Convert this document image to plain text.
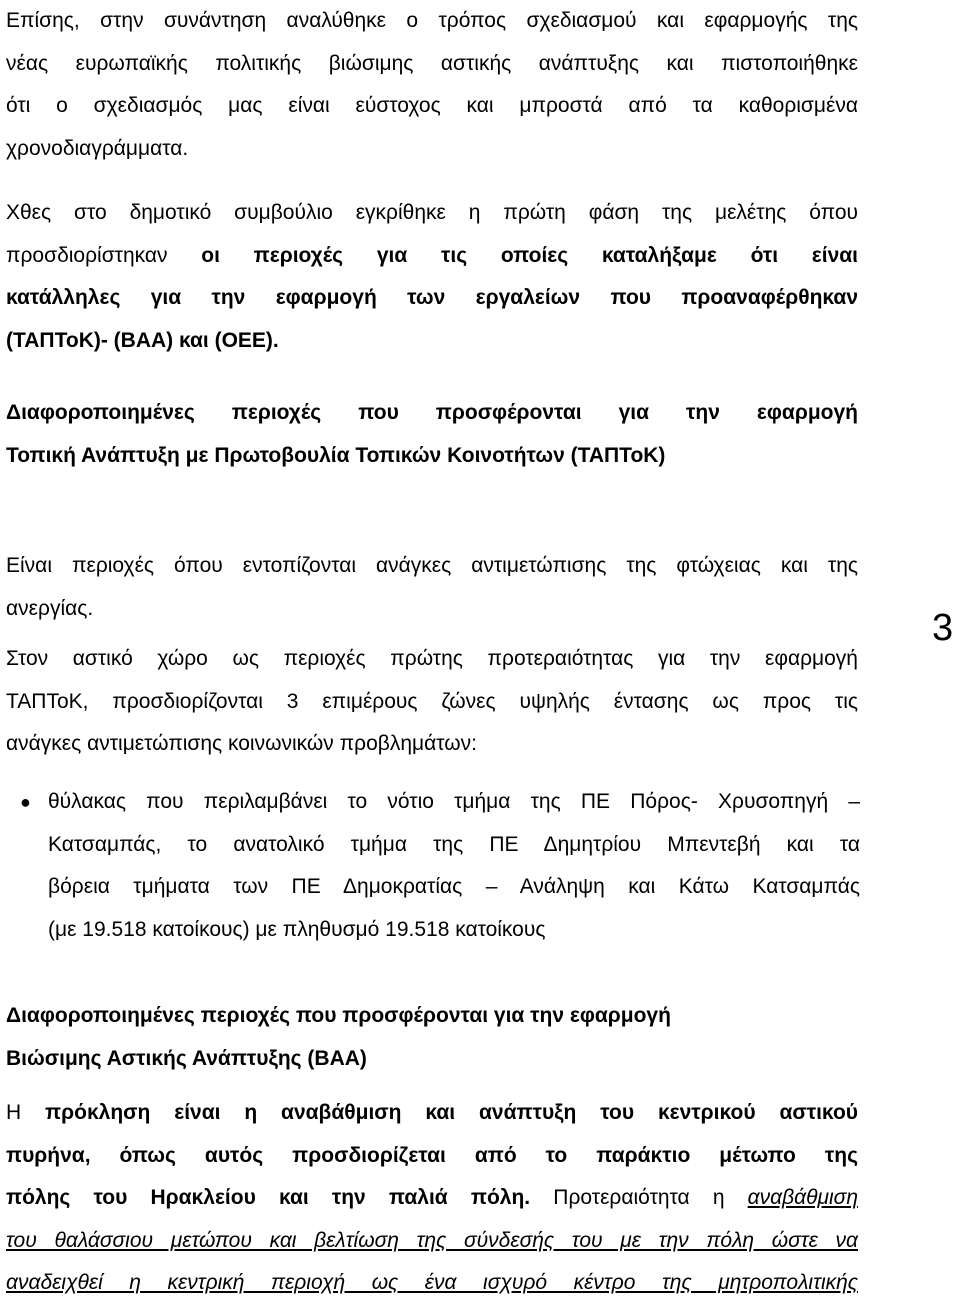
Επίσης, στην συνάντηση αναλύθηκε ο τρόπος σχεδιασμού και εφαρμογής της
νέας ευρωπαϊκής πολιτικής βιώσιμης αστικής ανάπτυξης και πιστοποιήθηκε
ότι ο σχεδιασμός μας είναι εύστοχος και μπροστά από τα καθορισμένα
χρονοδιαγράμματα.
Χθες στο δημοτικό συμβούλιο εγκρίθηκε η πρώτη φάση της μελέτης όπου
προσδιορίστηκαν οι περιοχές για τις οποίες καταλήξαμε ότι είναι
κατάλληλες για την εφαρμογή των εργαλείων που προαναφέρθηκαν
(ΤΑΠΤοΚ)- (ΒΑΑ) και (ΟΕΕ).
Διαφοροποιημένες περιοχές που προσφέρονται για την εφαρμογή
Τοπική Ανάπτυξη με Πρωτοβουλία Τοπικών Κοινοτήτων (ΤΑΠΤοΚ)
Είναι περιοχές όπου εντοπίζονται ανάγκες αντιμετώπισης της φτώχειας και της
ανεργίας.
Στον αστικό χώρο ως περιοχές πρώτης προτεραιότητας για την εφαρμογή
ΤΑΠΤοΚ, προσδιορίζονται 3 επιμέρους ζώνες υψηλής έντασης ως προς τις
ανάγκες αντιμετώπισης κοινωνικών προβλημάτων:
● θύλακας που περιλαμβάνει το νότιο τμήμα της ΠΕ Πόρος- Χρυσοπηγή –
Κατσαμπάς, το ανατολικό τμήμα της ΠΕ Δημητρίου Μπεντεβή και τα
βόρεια τμήματα των ΠΕ Δημοκρατίας – Ανάληψη και Κάτω Κατσαμπάς
(με 19.518 κατοίκους) με πληθυσμό 19.518 κατοίκους
Διαφοροποιημένες περιοχές που προσφέρονται για την εφαρμογή
Βιώσιμης Αστικής Ανάπτυξης (ΒΑΑ)
Η πρόκληση είναι η αναβάθμιση και ανάπτυξη του κεντρικού αστικού
πυρήνα, όπως αυτός προσδιορίζεται από το παράκτιο μέτωπο της
πόλης του Ηρακλείου και την παλιά πόλη. Προτεραιότητα η αναβάθμιση
του θαλάσσιου μετώπου και βελτίωση της σύνδεσής του με την πόλη ώστε να
αναδειχθεί η κεντρική περιοχή ως ένα ισχυρό κέντρο της μητροπολιτικής
3
